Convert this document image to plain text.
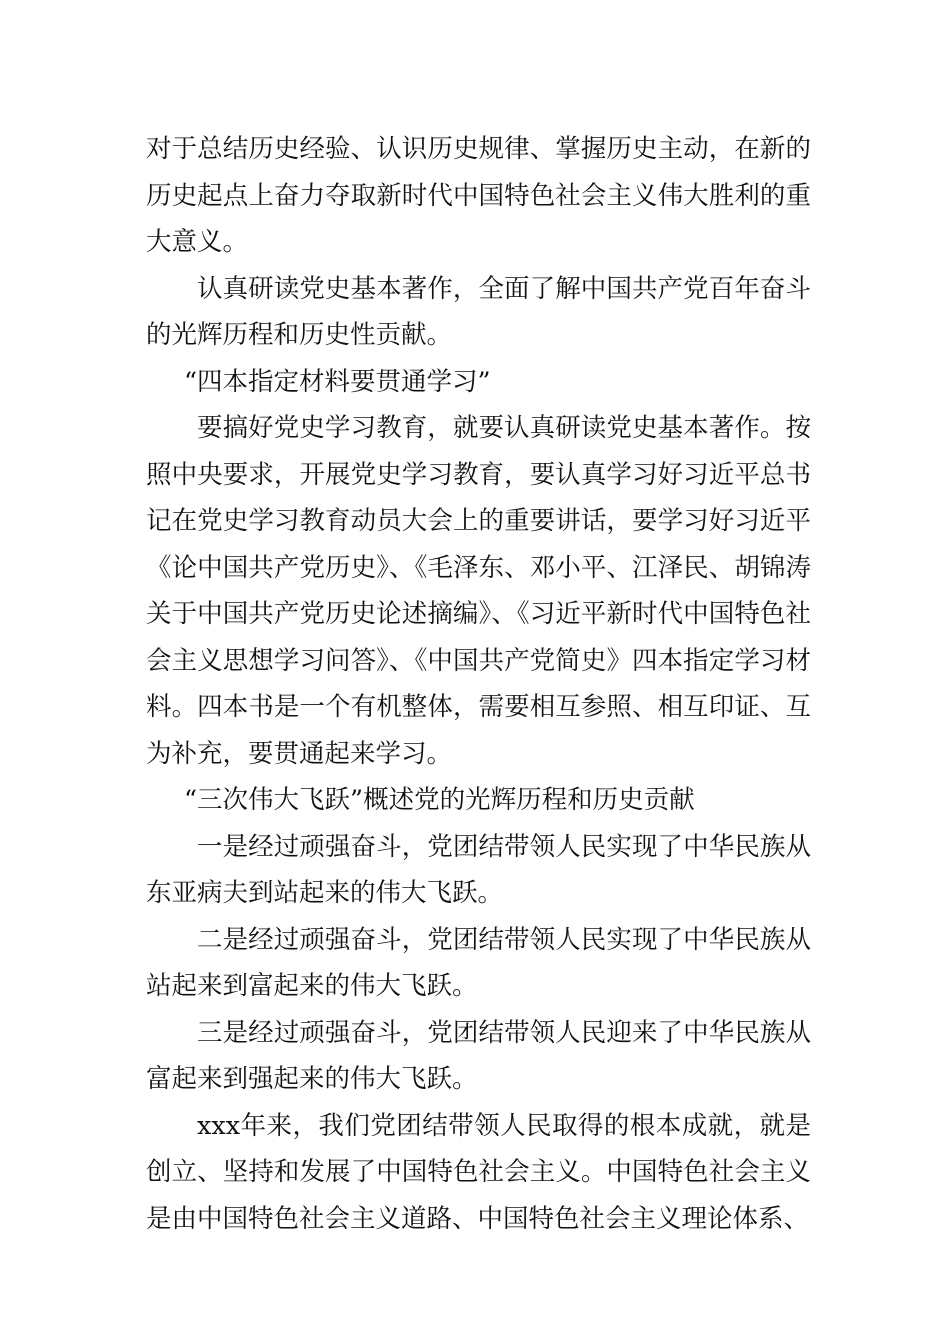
对于总结历史经验、认识历史规律、掌握历史主动，在新的历史起点上奋力夺取新时代中国特色社会主义伟大胜利的重大意义。

认真研读党史基本著作，全面了解中国共产党百年奋斗的光辉历程和历史性贡献。

“四本指定材料要贯通学习”

要搞好党史学习教育，就要认真研读党史基本著作。按照中央要求，开展党史学习教育，要认真学习好习近平总书记在党史学习教育动员大会上的重要讲话，要学习好习近平《论中国共产党历史》、《毛泽东、邓小平、江泽民、胡锦涛关于中国共产党历史论述摘编》、《习近平新时代中国特色社会主义思想学习问答》、《中国共产党简史》四本指定学习材料。四本书是一个有机整体，需要相互参照、相互印证、互为补充，要贯通起来学习。

“三次伟大飞跃”概述党的光辉历程和历史贡献

一是经过顽强奋斗，党团结带领人民实现了中华民族从东亚病夫到站起来的伟大飞跃。

二是经过顽强奋斗，党团结带领人民实现了中华民族从站起来到富起来的伟大飞跃。

三是经过顽强奋斗，党团结带领人民迎来了中华民族从富起来到强起来的伟大飞跃。

xxx年来，我们党团结带领人民取得的根本成就，就是创立、坚持和发展了中国特色社会主义。中国特色社会主义是由中国特色社会主义道路、中国特色社会主义理论体系、
